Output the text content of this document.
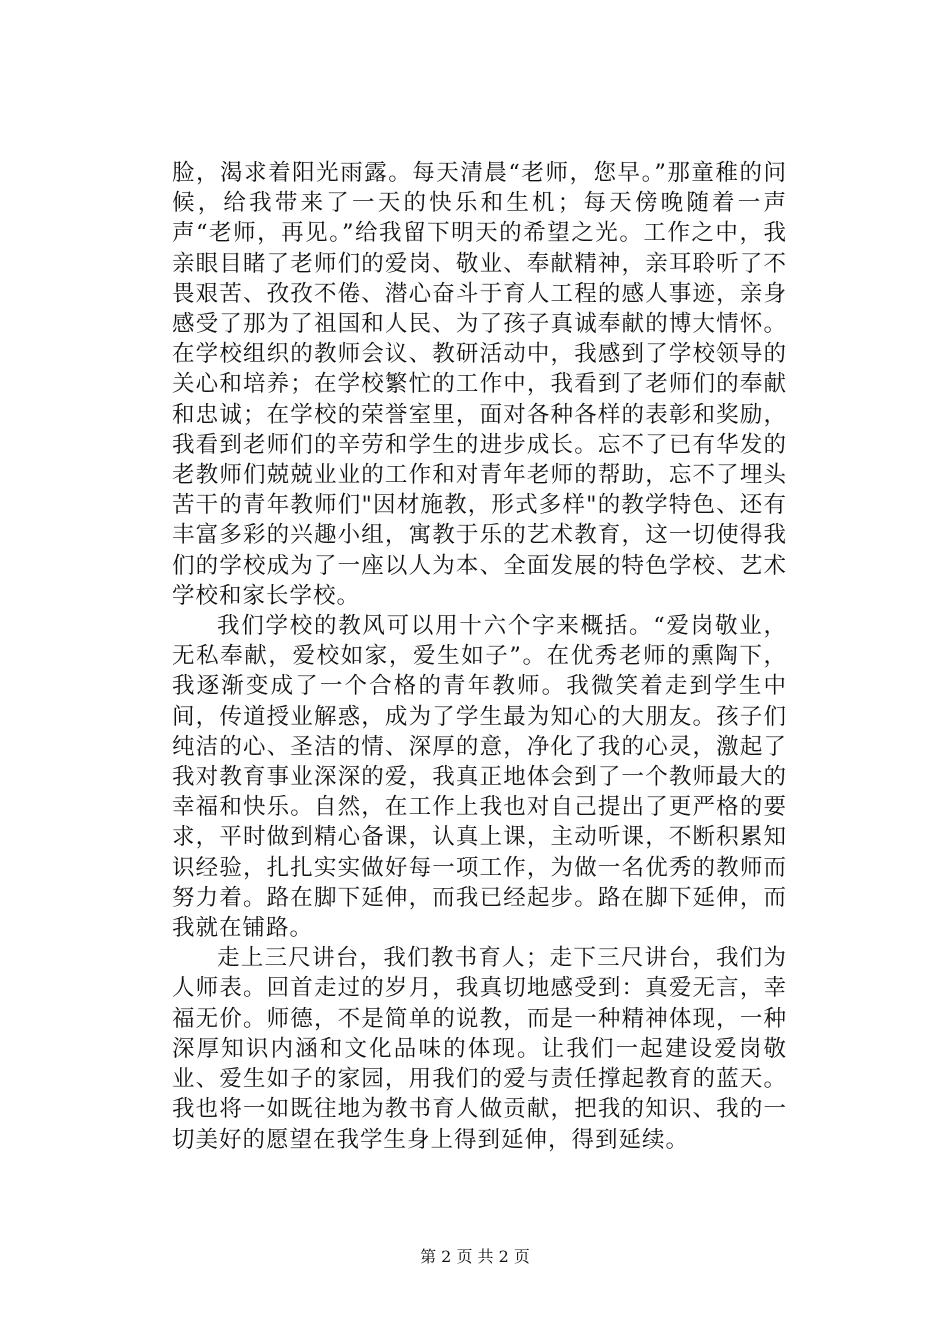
脸，渴求着阳光雨露。每天清晨“老师，您早。”那童稚的问候，给我带来了一天的快乐和生机；每天傍晚随着一声声“老师，再见。”给我留下明天的希望之光。工作之中，我亲眼目睹了老师们的爱岗、敬业、奉献精神，亲耳聆听了不畏艰苦、孜孜不倦、潜心奋斗于育人工程的感人事迹，亲身感受了那为了祖国和人民、为了孩子真诚奉献的博大情怀。在学校组织的教师会议、教研活动中，我感到了学校领导的关心和培养；在学校繁忙的工作中，我看到了老师们的奉献和忠诚；在学校的荣誉室里，面对各种各样的表彰和奖励，我看到老师们的辛劳和学生的进步成长。忘不了已有华发的老教师们兢兢业业的工作和对青年老师的帮助，忘不了埋头苦干的青年教师们"因材施教，形式多样"的教学特色、还有丰富多彩的兴趣小组，寓教于乐的艺术教育，这一切使得我们的学校成为了一座以人为本、全面发展的特色学校、艺术学校和家长学校。

我们学校的教风可以用十六个字来概括。“爱岗敬业，无私奉献，爱校如家，爱生如子”。在优秀老师的熏陶下，我逐渐变成了一个合格的青年教师。我微笑着走到学生中间，传道授业解惑，成为了学生最为知心的大朋友。孩子们纯洁的心、圣洁的情、深厚的意，净化了我的心灵，激起了我对教育事业深深的爱，我真正地体会到了一个教师最大的幸福和快乐。自然，在工作上我也对自己提出了更严格的要求，平时做到精心备课，认真上课，主动听课，不断积累知识经验，扎扎实实做好每一项工作，为做一名优秀的教师而努力着。路在脚下延伸，而我已经起步。路在脚下延伸，而我就在铺路。

走上三尺讲台，我们教书育人；走下三尺讲台，我们为人师表。回首走过的岁月，我真切地感受到：真爱无言，幸福无价。师德，不是简单的说教，而是一种精神体现，一种深厚知识内涵和文化品味的体现。让我们一起建设爱岗敬业、爱生如子的家园，用我们的爱与责任撑起教育的蓝天。我也将一如既往地为教书育人做贡献，把我的知识、我的一切美好的愿望在我学生身上得到延伸，得到延续。

第 2 页 共 2 页
